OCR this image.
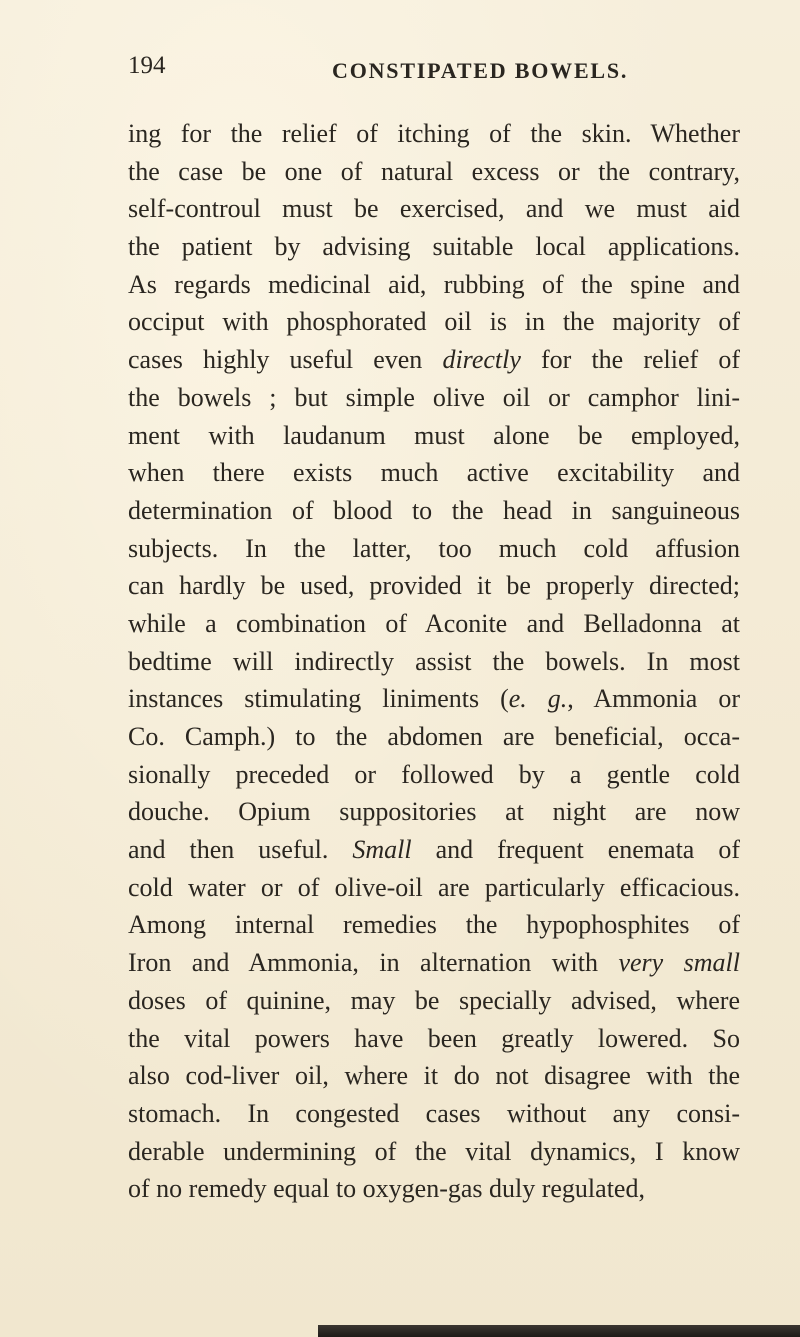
194	CONSTIPATED BOWELS.
ing for the relief of itching of the skin. Whether
the case be one of natural excess or the contrary,
self-controul must be exercised, and we must aid
the patient by advising suitable local applications.
As regards medicinal aid, rubbing of the spine and
occiput with phosphorated oil is in the majority of
cases highly useful even directly for the relief of
the bowels ; but simple olive oil or camphor lini-
ment with laudanum must alone be employed,
when there exists much active excitability and
determination of blood to the head in sanguineous
subjects. In the latter, too much cold affusion
can hardly be used, provided it be properly directed;
while a combination of Aconite and Belladonna at
bedtime will indirectly assist the bowels. In most
instances stimulating liniments (e. g., Ammonia or
Co. Camph.) to the abdomen are beneficial, occa-
sionally preceded or followed by a gentle cold
douche. Opium suppositories at night are now
and then useful. Small and frequent enemata of
cold water or of olive-oil are particularly efficacious.
Among internal remedies the hypophosphites of
Iron and Ammonia, in alternation with very small
doses of quinine, may be specially advised, where
the vital powers have been greatly lowered. So
also cod-liver oil, where it do not disagree with the
stomach. In congested cases without any consi-
derable undermining of the vital dynamics, I know
of no remedy equal to oxygen-gas duly regulated,
